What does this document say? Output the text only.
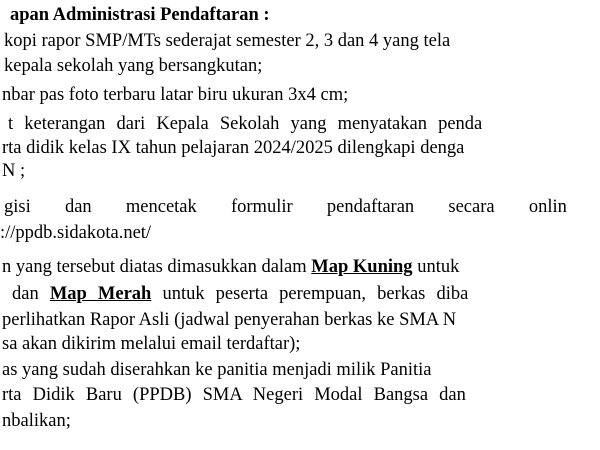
apan Administrasi Pendaftaran :
kopi rapor SMP/MTs sederajat semester 2, 3 dan 4 yang tela
kepala sekolah yang bersangkutan;
nbar pas foto terbaru latar biru ukuran 3x4 cm;
t keterangan dari Kepala Sekolah yang menyatakan penda
rta didik kelas IX tahun pelajaran 2024/2025 dilengkapi denga
N ;
gisi dan mencetak formulir pendaftaran secara onlin
://ppdb.sidakota.net/
n yang tersebut diatas dimasukkan dalam Map Kuning untuk
dan Map Merah untuk peserta perempuan, berkas diba
perlihatkan Rapor Asli (jadwal penyerahan berkas ke SMA N
sa akan dikirim melalui email terdaftar);
as yang sudah diserahkan ke panitia menjadi milik Panitia
rta Didik Baru (PPDB) SMA Negeri Modal Bangsa dan
nbalikan;
